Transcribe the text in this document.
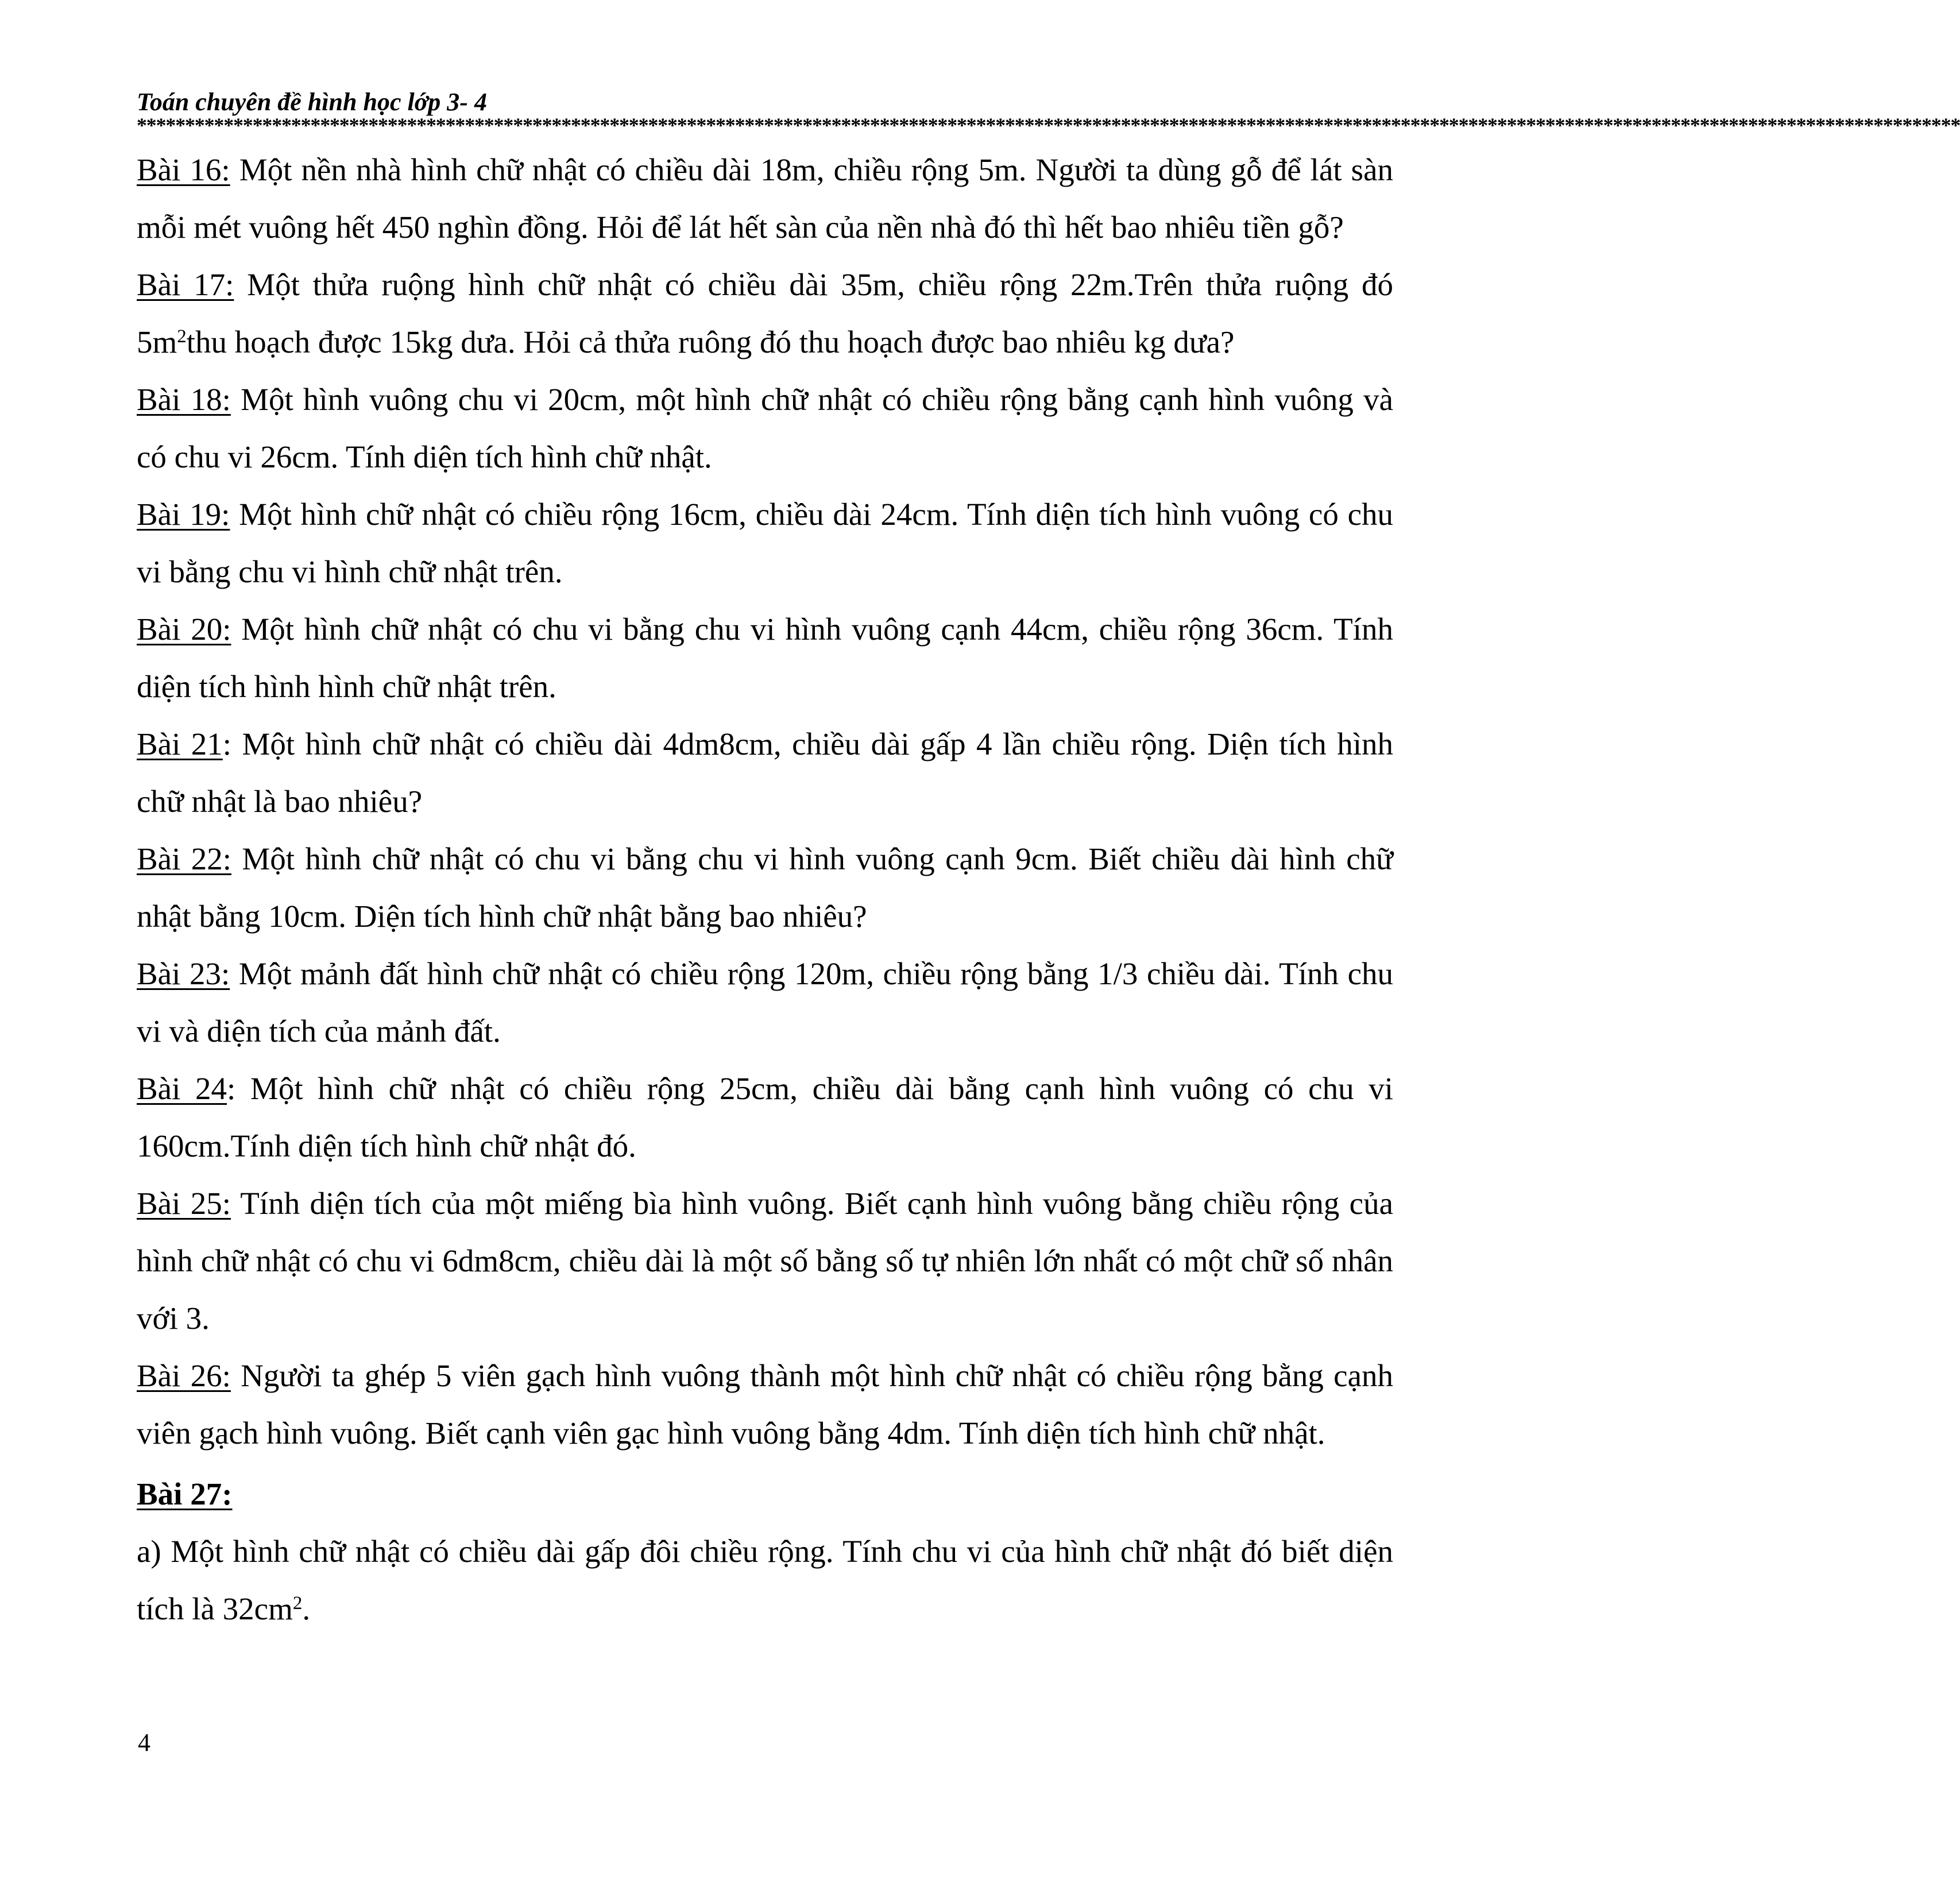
Toán chuyên đề hình học lớp 3- 4
*********************************************************************************************************************************************************************************************

Bài 16: Một nền nhà hình chữ nhật có chiều dài 18m, chiều rộng 5m. Người ta dùng gỗ để lát sàn mỗi mét vuông hết 450 nghìn đồng. Hỏi để lát hết sàn của nền nhà đó thì hết bao nhiêu tiền gỗ?

Bài 17: Một thửa ruộng hình chữ nhật có chiều dài 35m, chiều rộng 22m.Trên thửa ruộng đó $5m^2thu$ hoạch được 15kg dưa. Hỏi cả thửa ruông đó thu hoạch được bao nhiêu kg dưa?

Bài 18: Một hình vuông chu vi 20cm, một hình chữ nhật có chiều rộng bằng cạnh hình vuông và có chu vi 26cm. Tính diện tích hình chữ nhật.

Bài 19: Một hình chữ nhật có chiều rộng 16cm, chiều dài 24cm. Tính diện tích hình vuông có chu vi bằng chu vi hình chữ nhật trên.

Bài 20: Một hình chữ nhật có chu vi bằng chu vi hình vuông cạnh 44cm, chiều rộng 36cm. Tính diện tích hình hình chữ nhật trên.

Bài 21: Một hình chữ nhật có chiều dài 4dm8cm, chiều dài gấp 4 lần chiều rộng. Diện tích hình chữ nhật là bao nhiêu?

Bài 22: Một hình chữ nhật có chu vi bằng chu vi hình vuông cạnh 9cm. Biết chiều dài hình chữ nhật bằng 10cm. Diện tích hình chữ nhật bằng bao nhiêu?

Bài 23: Một mảnh đất hình chữ nhật có chiều rộng 120m, chiều rộng bằng 1/3 chiều dài. Tính chu vi và diện tích của mảnh đất.

Bài 24: Một hình chữ nhật có chiều rộng 25cm, chiều dài bằng cạnh hình vuông có chu vi 160cm.Tính diện tích hình chữ nhật đó.

Bài 25: Tính diện tích của một miếng bìa hình vuông. Biết cạnh hình vuông bằng chiều rộng của hình chữ nhật có chu vi 6dm8cm, chiều dài là một số bằng số tự nhiên lớn nhất có một chữ số nhân với 3.

Bài 26: Người ta ghép 5 viên gạch hình vuông thành một hình chữ nhật có chiều rộng bằng cạnh viên gạch hình vuông. Biết cạnh viên gạc hình vuông bằng 4dm. Tính diện tích hình chữ nhật.

Bài 27:

a) Một hình chữ nhật có chiều dài gấp đôi chiều rộng. Tính chu vi của hình chữ nhật đó biết diện tích là $32cm^2$.

4
